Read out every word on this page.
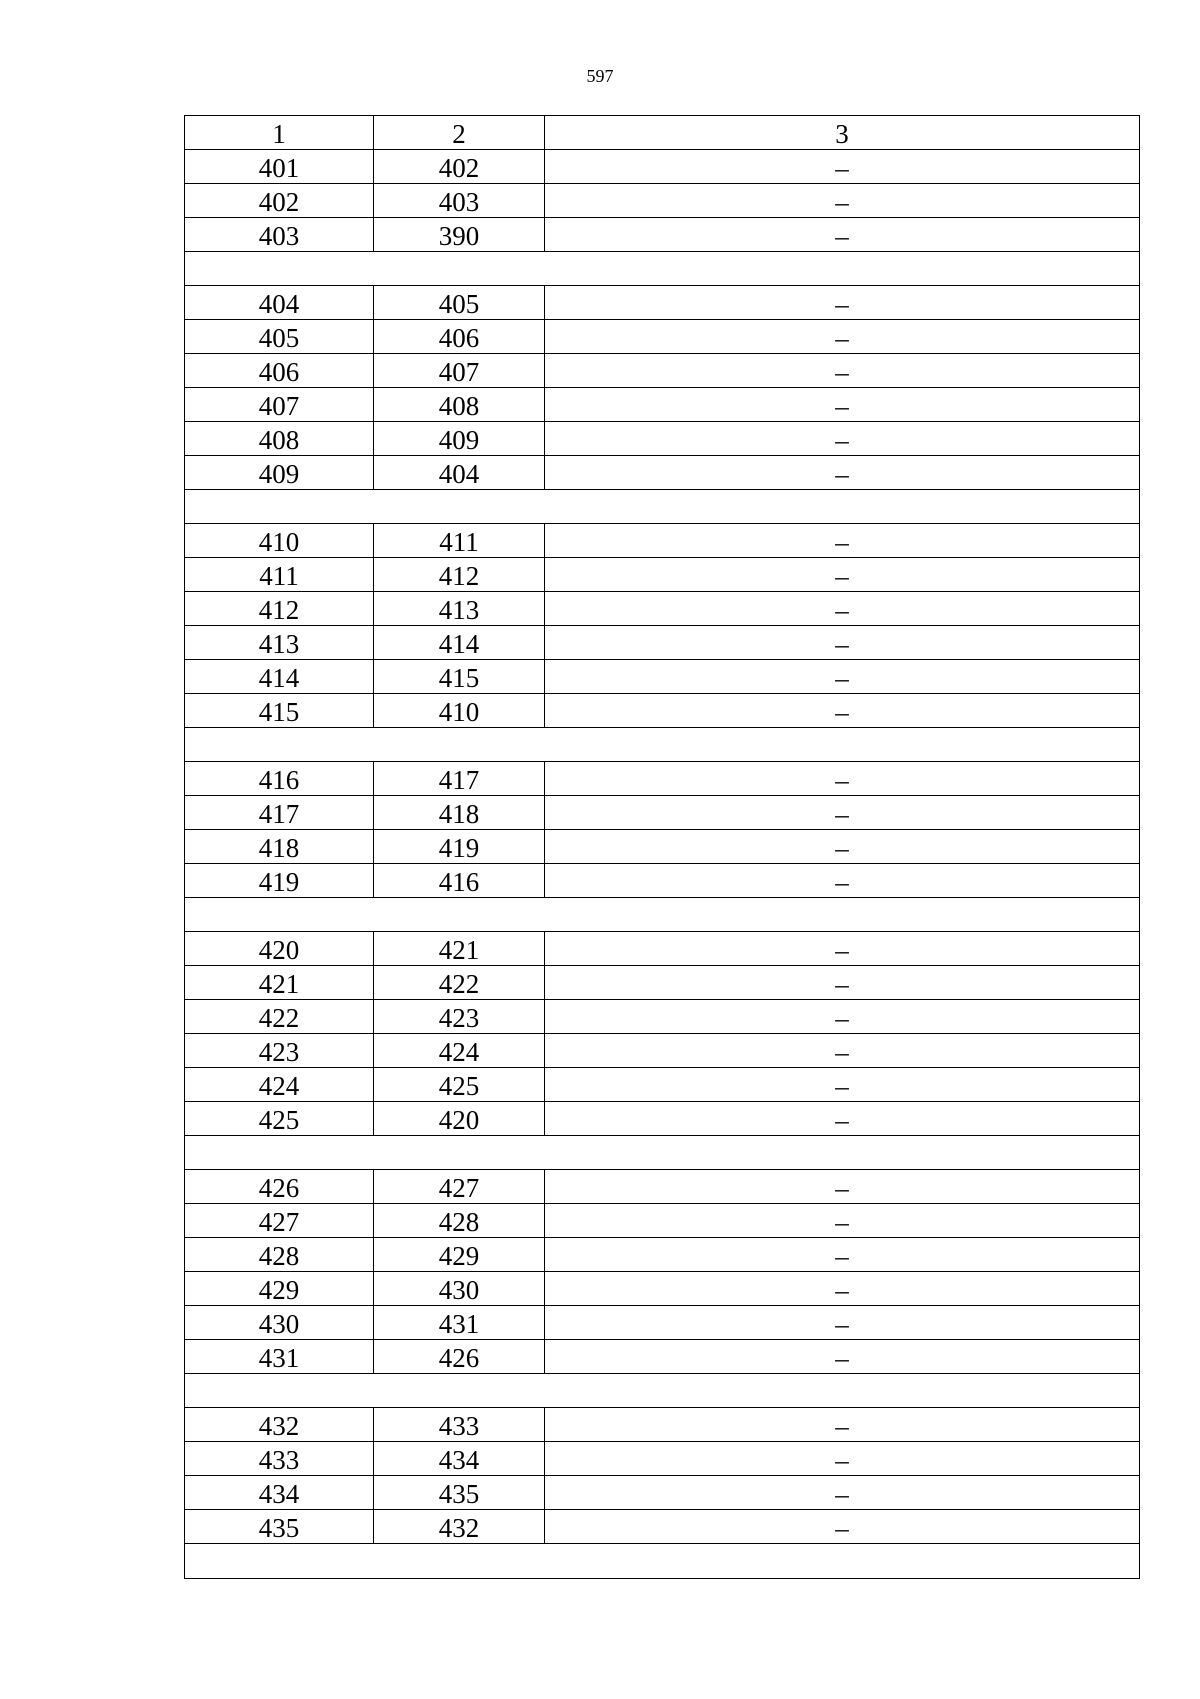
597
1	2	3
401	402	–
402	403	–
403	390	–
404	405	–
405	406	–
406	407	–
407	408	–
408	409	–
409	404	–
410	411	–
411	412	–
412	413	–
413	414	–
414	415	–
415	410	–
416	417	–
417	418	–
418	419	–
419	416	–
420	421	–
421	422	–
422	423	–
423	424	–
424	425	–
425	420	–
426	427	–
427	428	–
428	429	–
429	430	–
430	431	–
431	426	–
432	433	–
433	434	–
434	435	–
435	432	–
